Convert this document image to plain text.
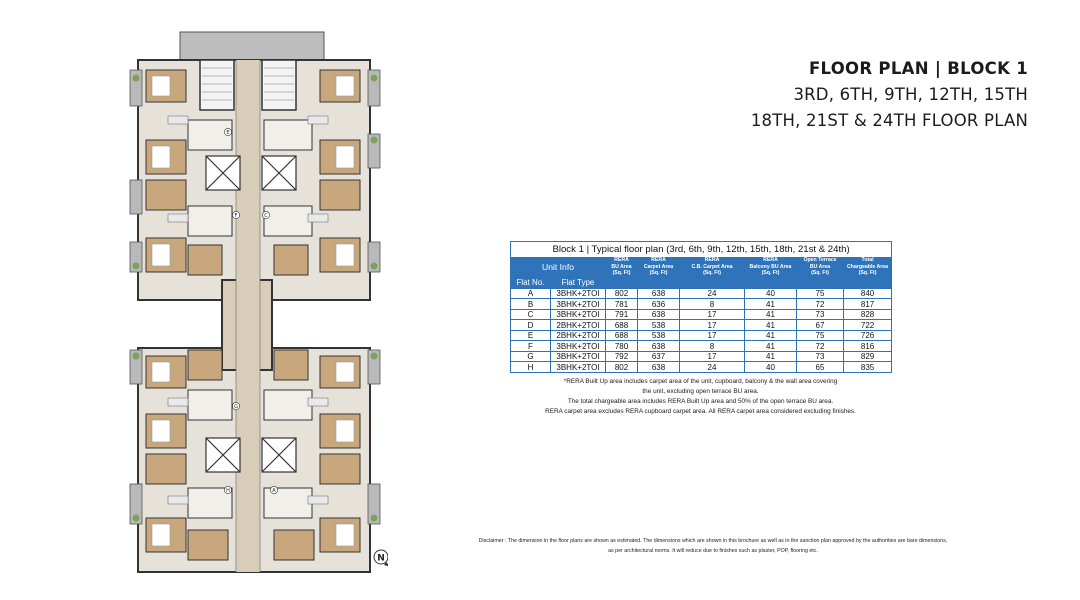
E
F	C
G
H	A
N
FLOOR PLAN | BLOCK 1
3RD, 6TH, 9TH, 12TH, 15TH
18TH, 21ST & 24TH FLOOR PLAN
Block 1 | Typical floor plan (3rd, 6th, 9th, 12th, 15th, 18th, 21st & 24th)							
Unit Info		RERA	RERA	RERA	RERA	Open Terrace	Total
		BU Area	Carpet Area	C.B. Carpet Area	Balcony BU Area	BU Area	Chargeable Area
		(Sq. Ft)	(Sq. Ft)	(Sq. Ft)	(Sq. Ft)	(Sq. Ft)	(Sq. Ft)
Flat No.	Flat Type						
A	3BHK+2TOI	802	638	24	40	75	840
B	3BHK+2TOI	781	636	8	41	72	817
C	3BHK+2TOI	791	638	17	41	73	828
D	2BHK+2TOI	688	538	17	41	67	722
E	2BHK+2TOI	688	538	17	41	75	726
F	3BHK+2TOI	780	638	8	41	72	816
G	3BHK+2TOI	792	637	17	41	73	829
H	3BHK+2TOI	802	638	24	40	65	835
*RERA Built Up area includes carpet area of the unit, cupboard, balcony & the wall area covering
the unit, excluding open terrace BU area.
The total chargeable area includes RERA Built Up area and 50% of the open terrace BU area.
RERA carpet area excludes RERA cupboard carpet area. All RERA carpet area considered excluding finishes.
Disclaimer : The dimension in the floor plans are shown as estimated. The dimensions which are shown in this brochure as well as in the sanction plan approved by the authorities are bare dimensions,
as per architectural norms. It will reduce due to finishes such as plaster, POP, flooring etc.
